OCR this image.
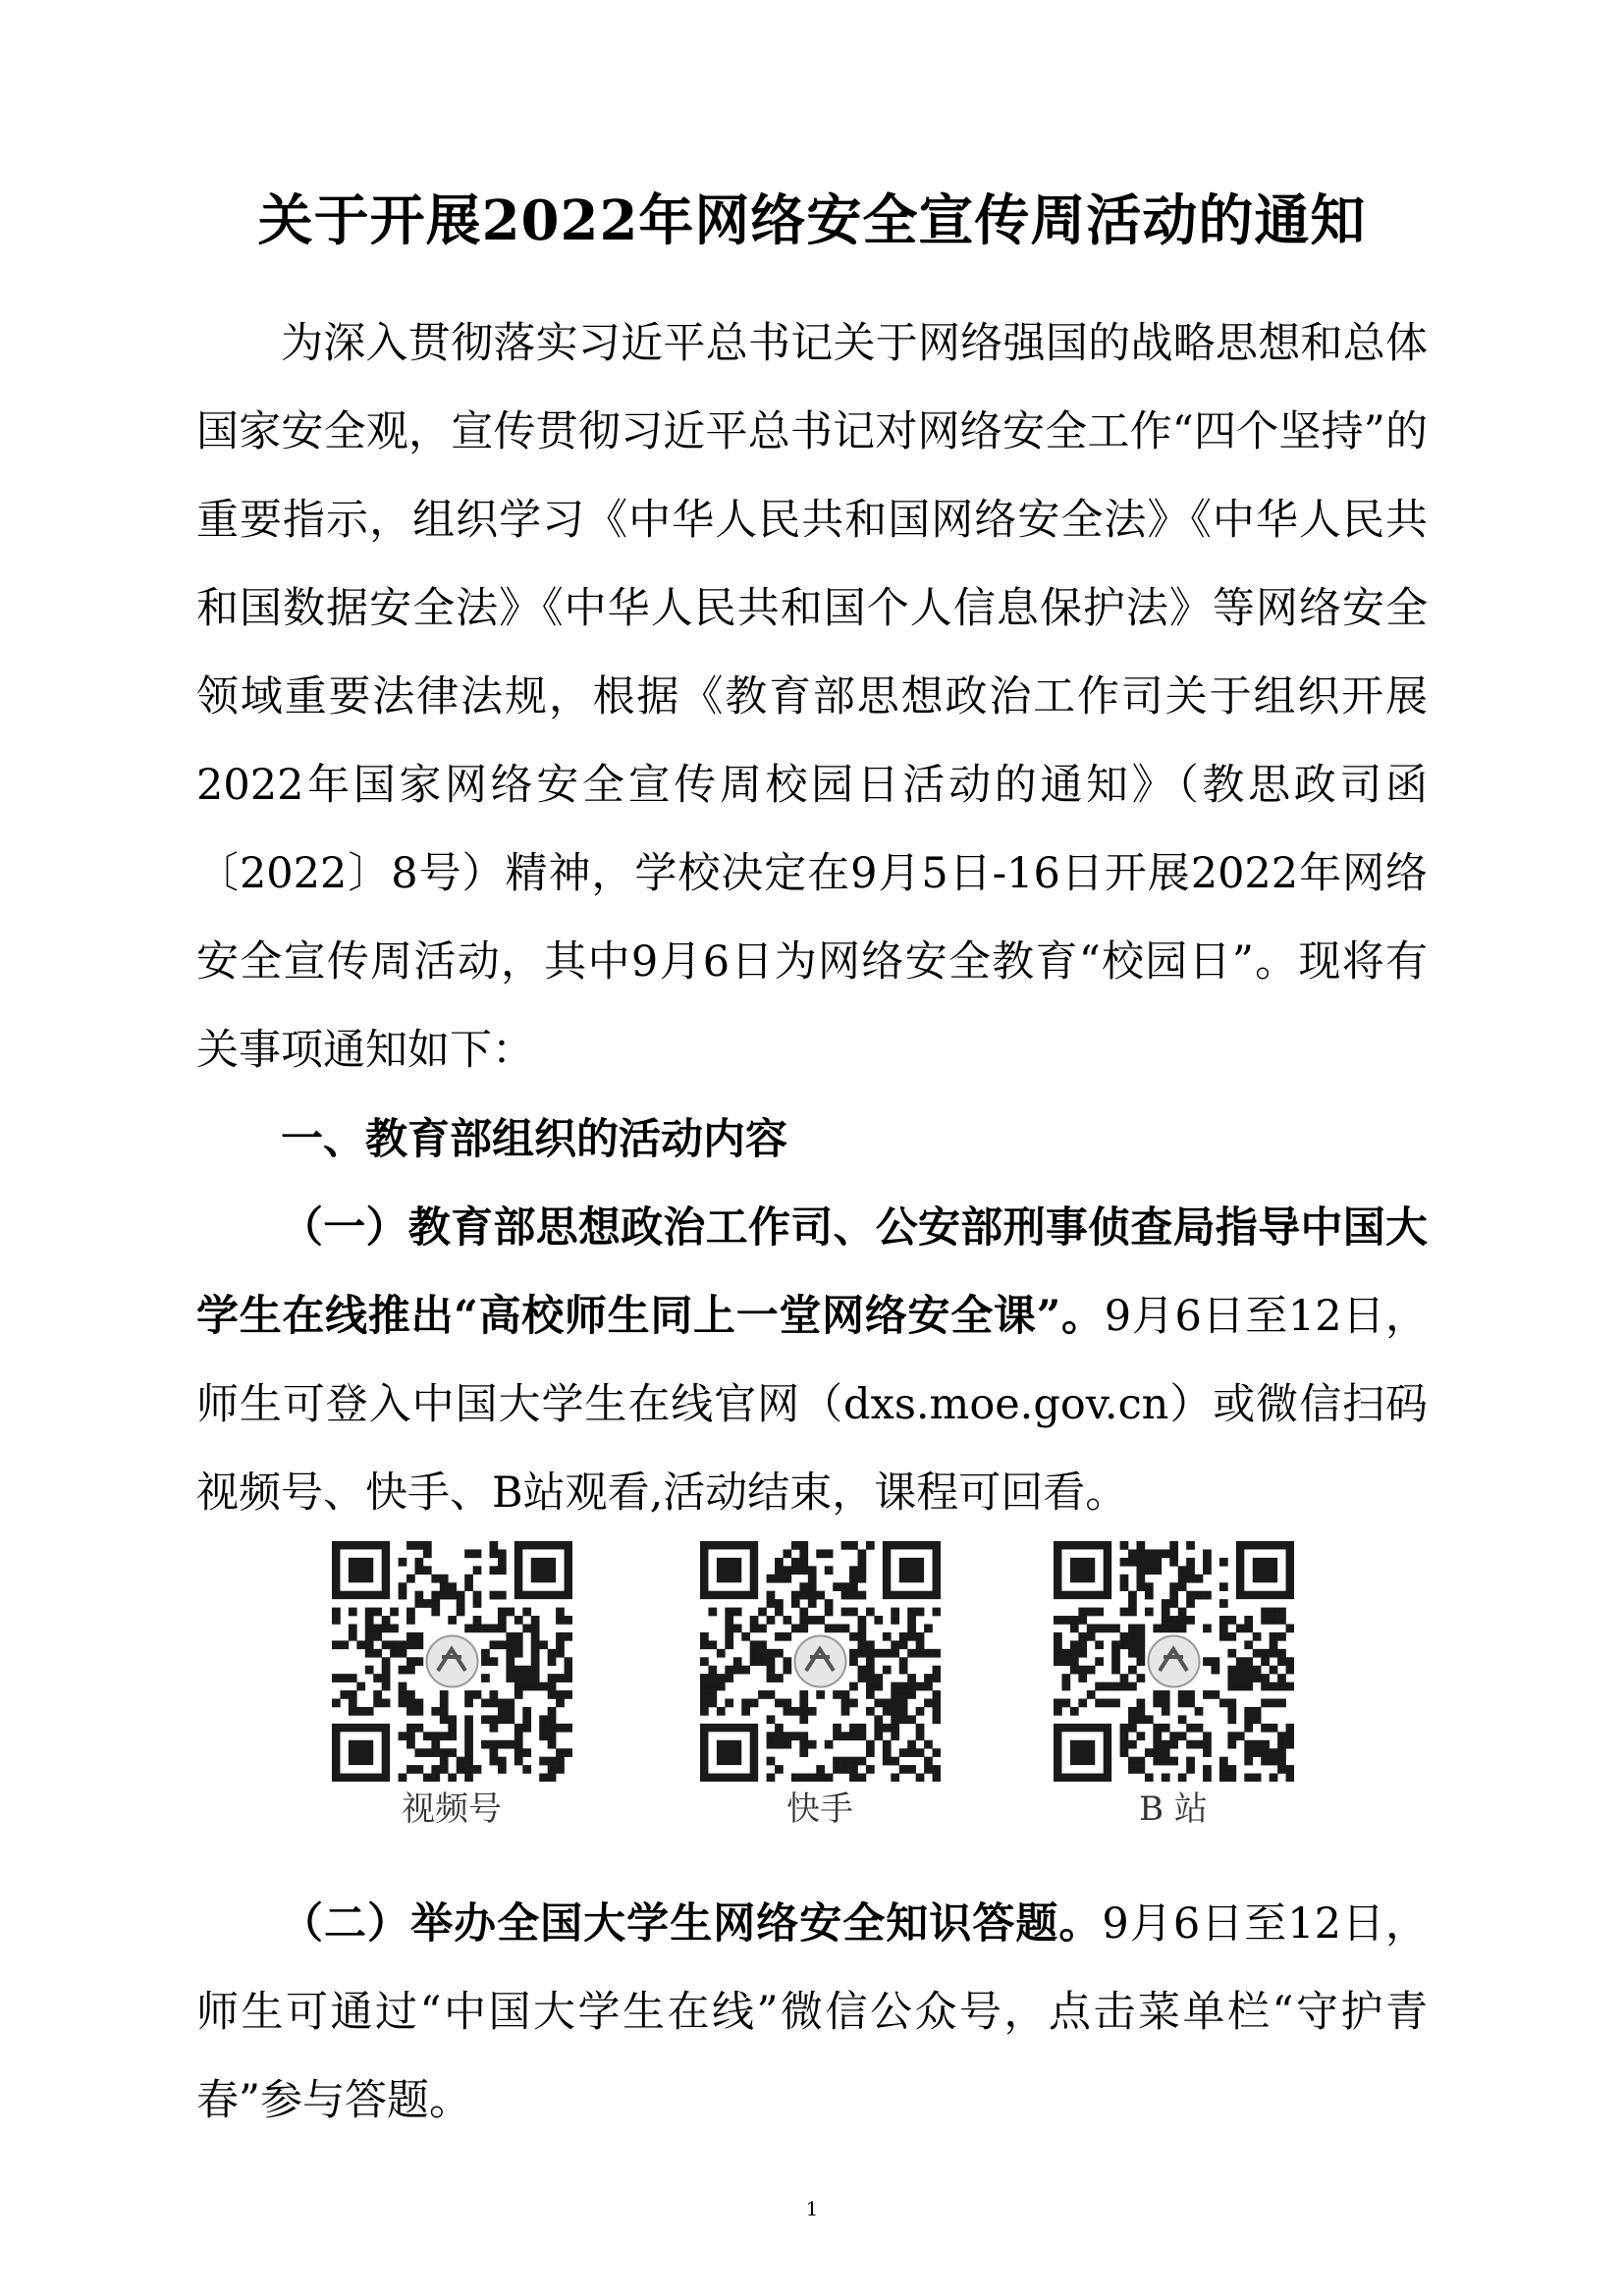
关于开展2022年网络安全宣传周活动的通知

为深入贯彻落实习近平总书记关于网络强国的战略思想和总体国家安全观，宣传贯彻习近平总书记对网络安全工作“四个坚持”的重要指示，组织学习《中华人民共和国网络安全法》《中华人民共和国数据安全法》《中华人民共和国个人信息保护法》等网络安全领域重要法律法规，根据《教育部思想政治工作司关于组织开展2022年国家网络安全宣传周校园日活动的通知》（教思政司函〔2022〕8号）精神，学校决定在9月5日-16日开展2022年网络安全宣传周活动，其中9月6日为网络安全教育“校园日”。现将有关事项通知如下：

一、教育部组织的活动内容

（一）教育部思想政治工作司、公安部刑事侦查局指导中国大学生在线推出“高校师生同上一堂网络安全课”。9月6日至12日，师生可登入中国大学生在线官网（dxs.moe.gov.cn）或微信扫码视频号、快手、B站观看,活动结束，课程可回看。

视频号	快手	B 站

（二）举办全国大学生网络安全知识答题。9月6日至12日，师生可通过“中国大学生在线”微信公众号，点击菜单栏“守护青春”参与答题。

1
